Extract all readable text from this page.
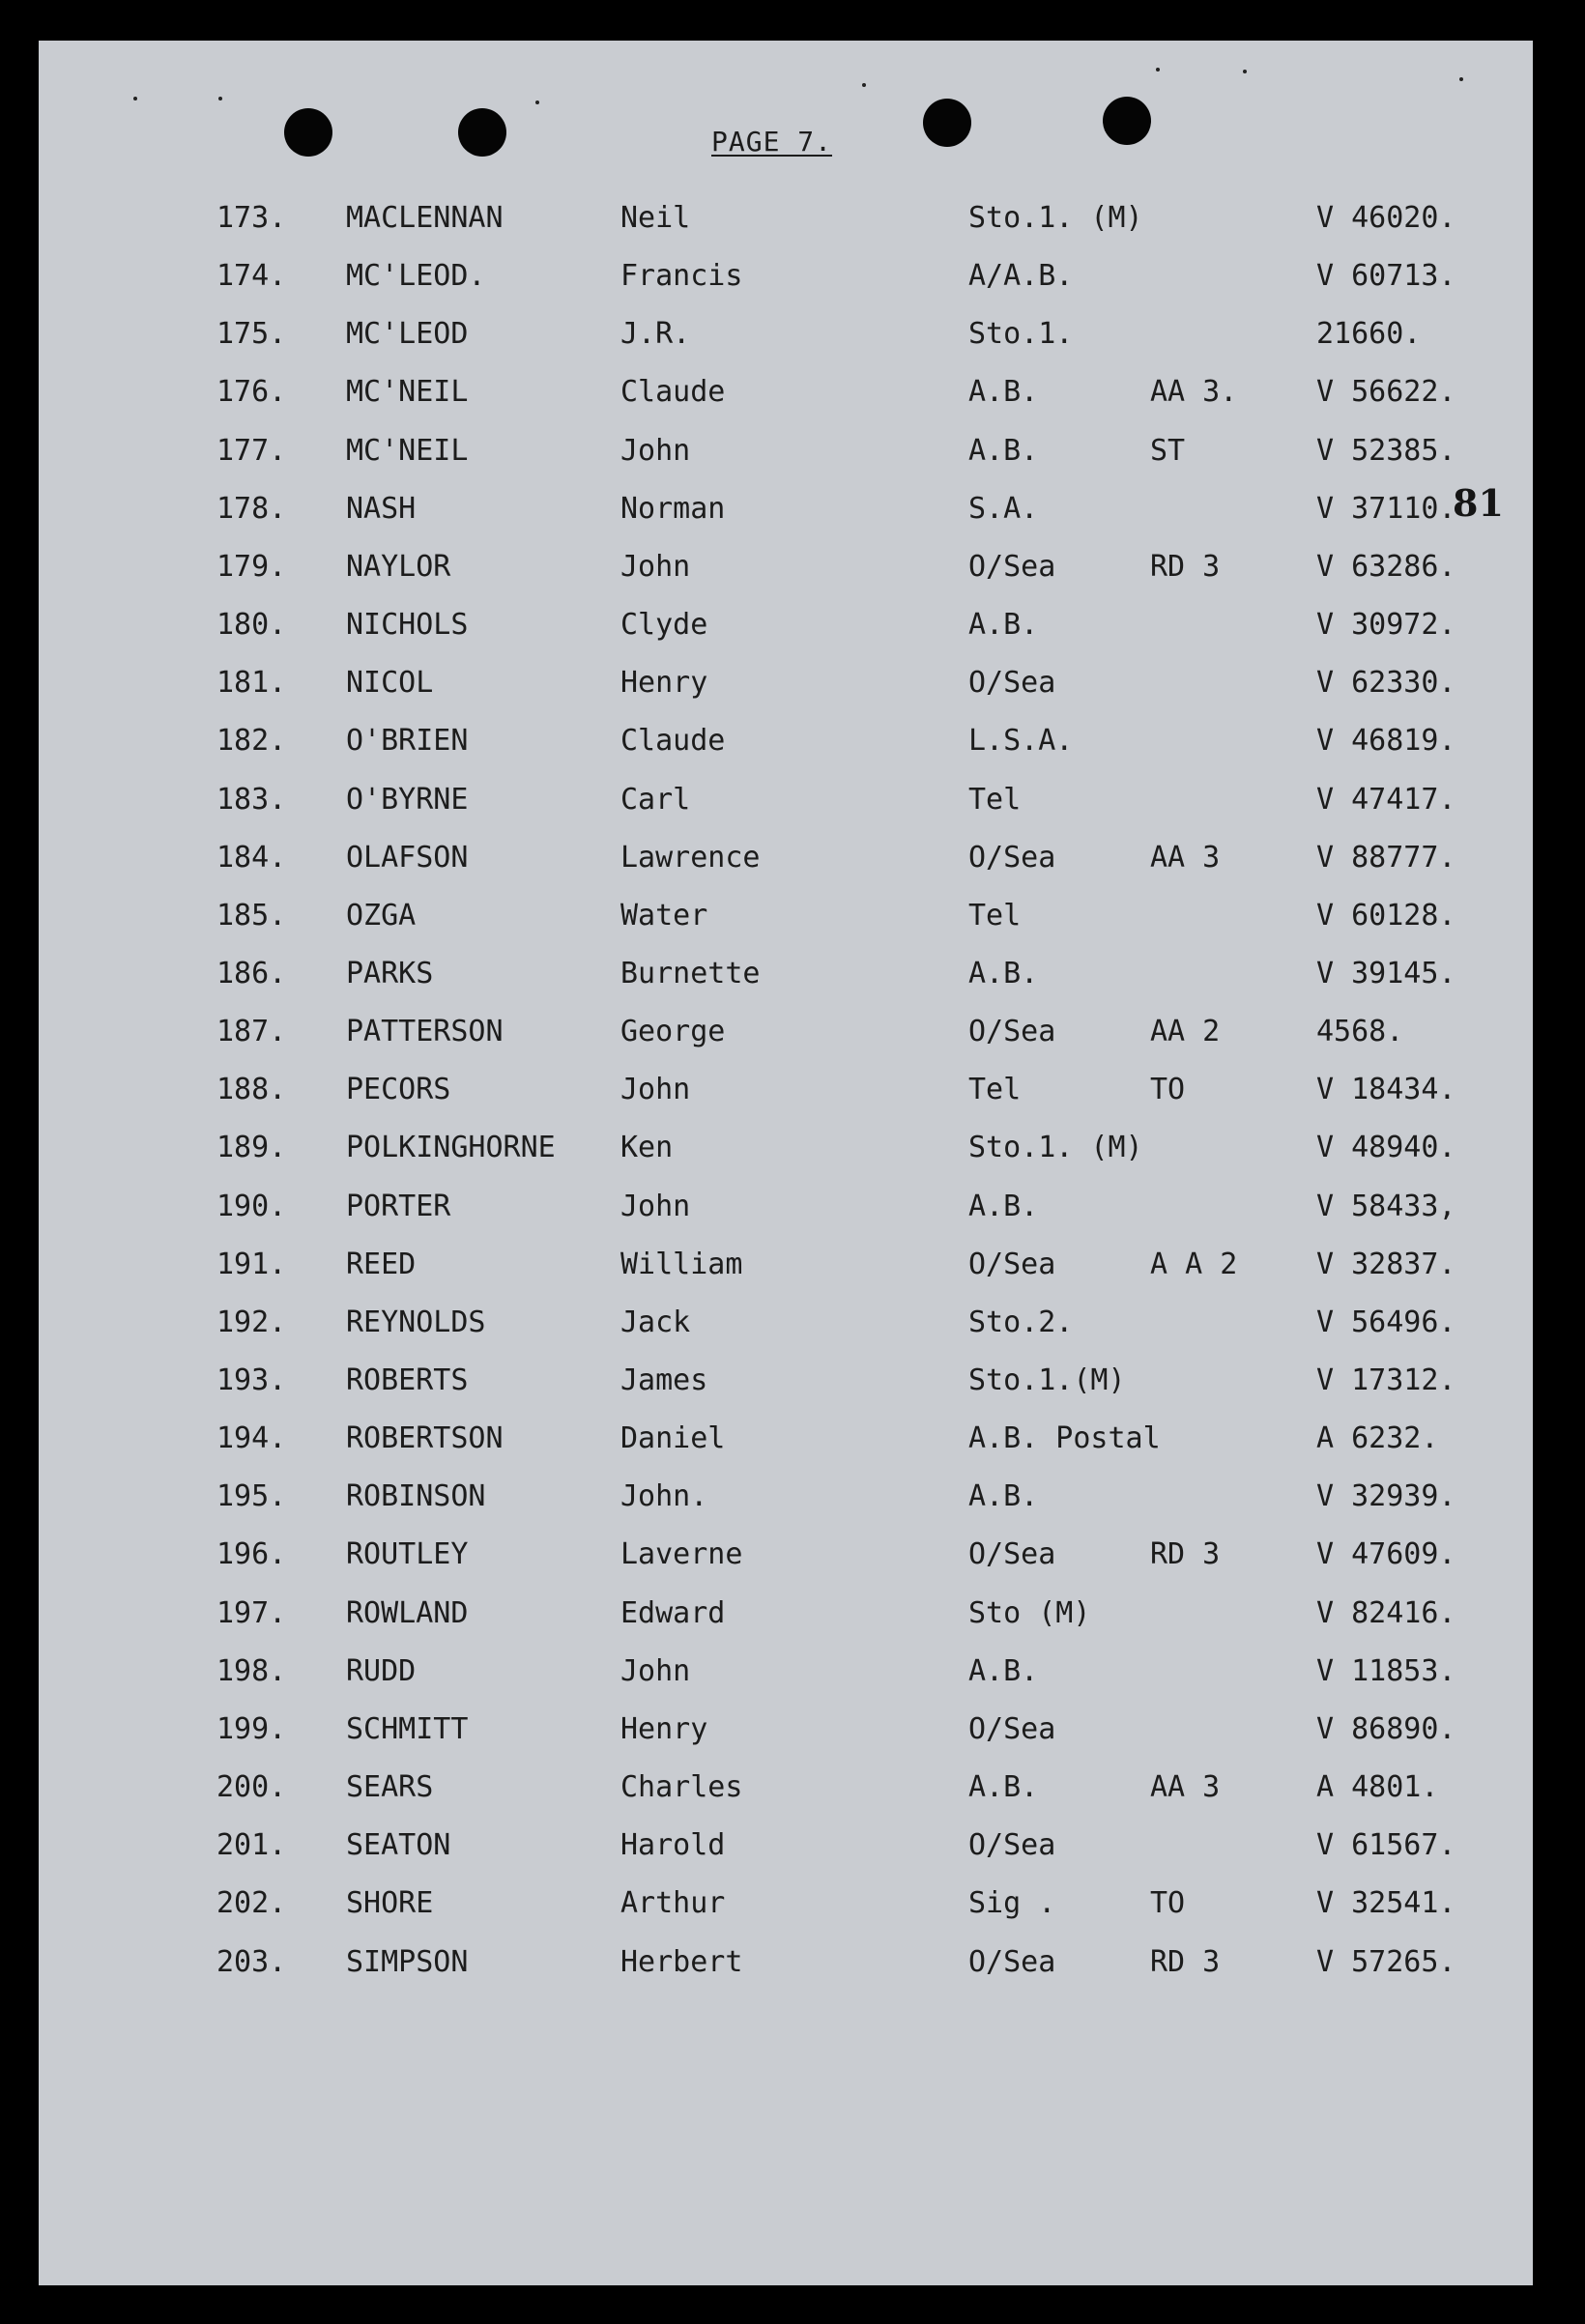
PAGE 7.
81
173. MACLENNAN	Neil	Sto.1. (M)	V 46020.
174. MC'LEOD.	Francis	A/A.B.	V 60713.
175. MC'LEOD	J.R.	Sto.1.	21660.
176. MC'NEIL	Claude	A.B.	AA 3.	V 56622.
177. MC'NEIL	John	A.B.	ST	V 52385.
178. NASH	Norman	S.A.	V 37110.
179. NAYLOR	John	O/Sea	RD 3	V 63286.
180. NICHOLS	Clyde	A.B.	V 30972.
181. NICOL	Henry	O/Sea	V 62330.
182. O'BRIEN	Claude	L.S.A.	V 46819.
183. O'BYRNE	Carl	Tel	V 47417.
184. OLAFSON	Lawrence	O/Sea	AA 3	V 88777.
185. OZGA	Water	Tel	V 60128.
186. PARKS	Burnette	A.B.	V 39145.
187. PATTERSON	George	O/Sea	AA 2	4568.
188. PECORS	John	Tel	TO	V 18434.
189. POLKINGHORNE Ken	Sto.1. (M)	V 48940.
190. PORTER	John	A.B.	V 58433,
191. REED	William	O/Sea	A A 2	V 32837.
192. REYNOLDS	Jack	Sto.2.	V 56496.
193. ROBERTS	James	Sto.1.(M)	V 17312.
194. ROBERTSON	Daniel	A.B. Postal	A 6232.
195. ROBINSON	John.	A.B.	V 32939.
196. ROUTLEY	Laverne	O/Sea	RD 3	V 47609.
197. ROWLAND	Edward	Sto (M)	V 82416.
198. RUDD	John	A.B.	V 11853.
199. SCHMITT	Henry	O/Sea	V 86890.
200. SEARS	Charles	A.B.	AA 3	A 4801.
201. SEATON	Harold	O/Sea	V 61567.
202. SHORE	Arthur	Sig .	TO	V 32541.
203. SIMPSON	Herbert	O/Sea	RD 3	V 57265.
